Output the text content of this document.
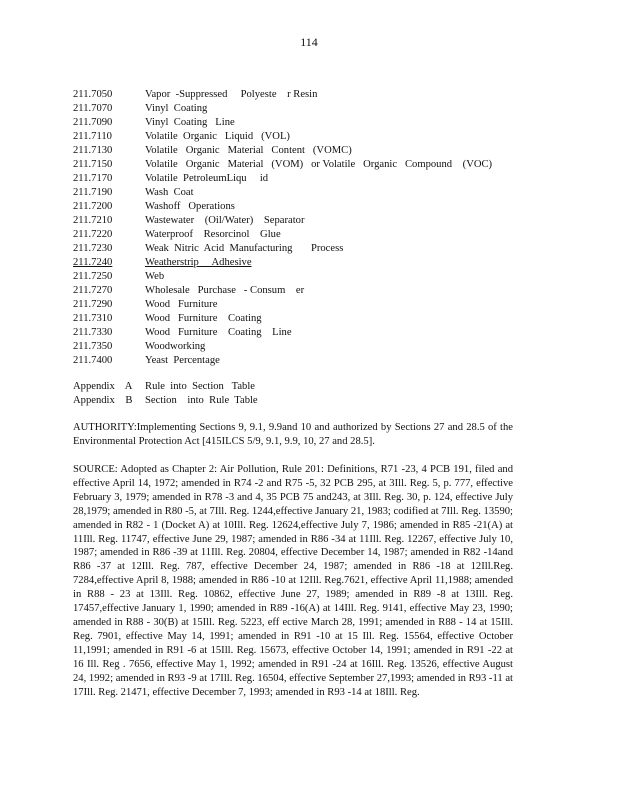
114
211.7050	Vapor  -Suppressed     Polyeste    r Resin
211.7070	Vinyl  Coating
211.7090	Vinyl  Coating   Line
211.7110	Volatile  Organic   Liquid   (VOL)
211.7130	Volatile   Organic   Material   Content   (VOMC)
211.7150	Volatile   Organic   Material   (VOM)   or Volatile   Organic   Compound    (VOC)
211.7170	Volatile  PetroleumLiqu     id
211.7190	Wash  Coat
211.7200	Washoff   Operations
211.7210	Wastewater    (Oil/Water)    Separator
211.7220	Waterproof    Resorcinol    Glue
211.7230	Weak  Nitric  Acid  Manufacturing       Process
211.7240	Weatherstrip     Adhesive
211.7250	Web
211.7270	Wholesale   Purchase   - Consum    er
211.7290	Wood   Furniture
211.7310	Wood   Furniture    Coating
211.7330	Wood   Furniture    Coating    Line
211.7350	Woodworking
211.7400	Yeast  Percentage
Appendix    A	Rule  into  Section   Table
Appendix    B	Section    into  Rule  Table
AUTHORITY:Implementing Sections 9, 9.1, 9.9and 10 and authorized by Sections 27 and 28.5 of the Environmental Protection Act [415ILCS 5/9, 9.1, 9.9, 10, 27 and 28.5].
SOURCE: Adopted as Chapter 2: Air Pollution, Rule 201: Definitions, R71 -23, 4 PCB 191, filed and effective April 14, 1972; amended in R74 -2 and R75 -5, 32 PCB 295, at 3Ill. Reg. 5, p. 777, effective February 3, 1979; amended in R78 -3 and 4, 35 PCB 75 and243, at 3Ill. Reg. 30, p. 124, effective July 28,1979; amended in R80 -5, at 7Ill. Reg. 1244,effective January 21, 1983; codified at 7Ill. Reg. 13590; amended in R82 - 1 (Docket A) at 10Ill. Reg. 12624,effective July 7, 1986; amended in R85 -21(A) at 11Ill. Reg. 11747, effective June 29, 1987; amended in R86 -34 at 11Ill. Reg. 12267, effective July 10, 1987; amended in R86 -39 at 11Ill. Reg. 20804, effective December 14, 1987; amended in R82 -14and R86 -37 at 12Ill. Reg. 787, effective December 24, 1987; amended in R86 -18 at 12Ill.Reg. 7284,effective April 8, 1988; amended in R86 -10 at 12Ill. Reg.7621, effective April 11,1988; amended in R88 - 23 at 13Ill. Reg. 10862, effective June 27, 1989; amended in R89 -8 at 13Ill. Reg. 17457,effective January 1, 1990; amended in R89 -16(A) at 14Ill. Reg. 9141, effective May 23, 1990; amended in R88 - 30(B) at 15Ill. Reg. 5223, eff ective March 28, 1991; amended in R88 - 14 at 15Ill. Reg. 7901, effective May 14, 1991; amended in R91 -10 at 15 Ill. Reg. 15564, effective October 11,1991; amended in R91 -6 at 15Ill. Reg. 15673, effective October 14, 1991; amended in R91 -22 at 16 Ill. Reg . 7656, effective May 1, 1992; amended in R91 -24 at 16Ill. Reg. 13526, effective August 24, 1992; amended in R93 -9 at 17Ill. Reg. 16504, effective September 27,1993; amended in R93 -11 at 17Ill. Reg. 21471, effective December 7, 1993; amended in R93 -14 at 18Ill. Reg.
